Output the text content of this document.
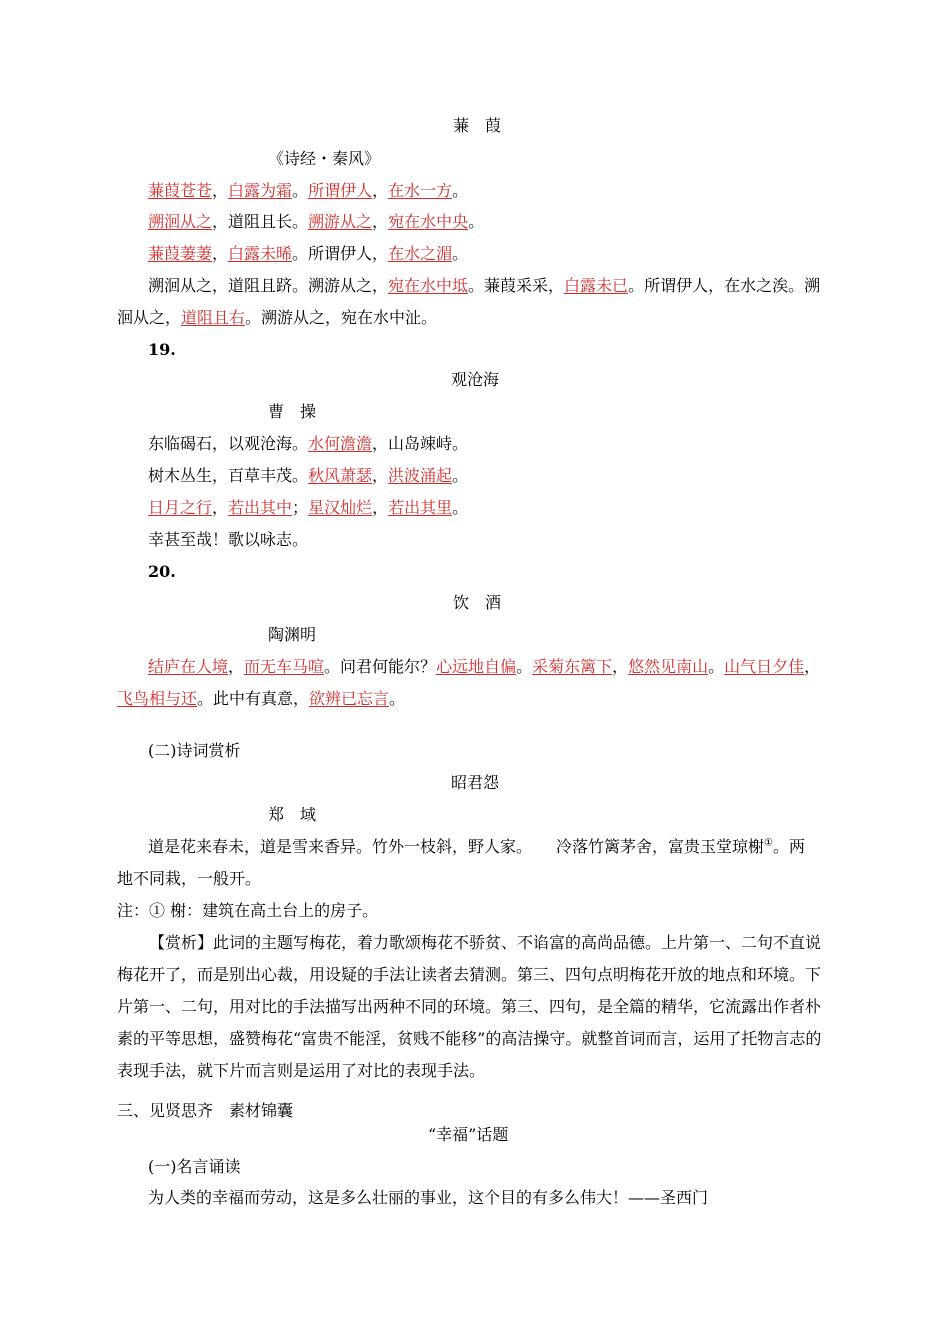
蒹　葭
《诗经・秦风》
蒹葭苍苍，白露为霜。所谓伊人，在水一方。
溯洄从之，道阻且长。溯游从之，宛在水中央。
蒹葭萋萋，白露未晞。所谓伊人，在水之湄。
溯洄从之，道阻且跻。溯游从之，宛在水中坻。蒹葭采采，白露未已。所谓伊人，在水之涘。溯
洄从之，道阻且右。溯游从之，宛在水中沚。
19.
观沧海
曹　操
东临碣石，以观沧海。水何澹澹，山岛竦峙。
树木丛生，百草丰茂。秋风萧瑟，洪波涌起。
日月之行，若出其中；星汉灿烂，若出其里。
幸甚至哉！歌以咏志。
20.
饮　酒
陶渊明
结庐在人境，而无车马喧。问君何能尔？心远地自偏。采菊东篱下，悠然见南山。山气日夕佳，
飞鸟相与还。此中有真意，欲辨已忘言。
(二)诗词赏析
昭君怨
郑　域
道是花来春未，道是雪来香异。竹外一枝斜，野人家。　　冷落竹篱茅舍，富贵玉堂琼榭①。两
地不同栽，一般开。
注：① 榭：建筑在高土台上的房子。
【赏析】此词的主题写梅花，着力歌颂梅花不骄贫、不谄富的高尚品德。上片第一、二句不直说梅花开了，而是别出心裁，用设疑的手法让读者去猜测。第三、四句点明梅花开放的地点和环境。下片第一、二句，用对比的手法描写出两种不同的环境。第三、四句，是全篇的精华，它流露出作者朴素的平等思想，盛赞梅花“富贵不能淫，贫贱不能移”的高洁操守。就整首词而言，运用了托物言志的表现手法，就下片而言则是运用了对比的表现手法。
三、见贤思齐　素材锦囊
“幸福”话题
(一)名言诵读
为人类的幸福而劳动，这是多么壮丽的事业，这个目的有多么伟大！——圣西门
